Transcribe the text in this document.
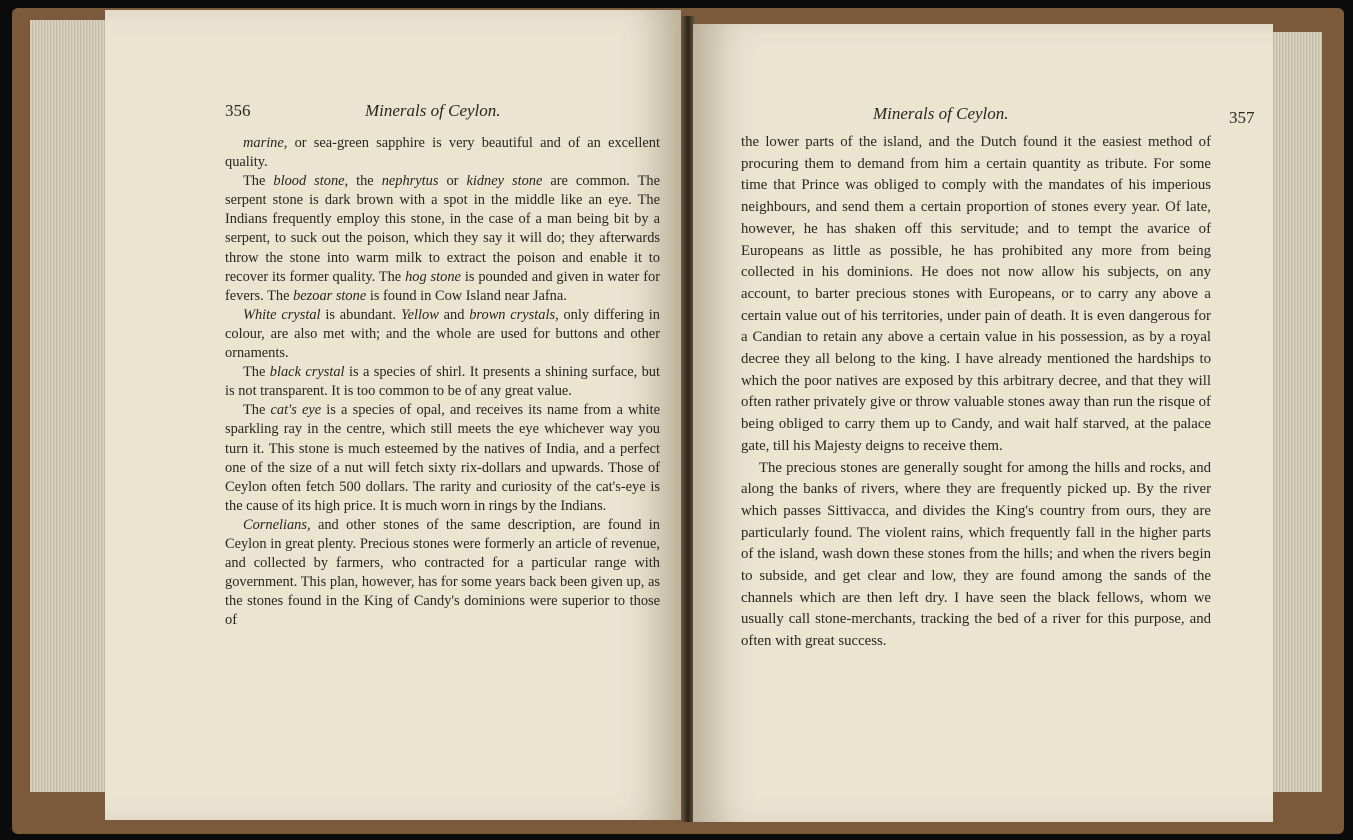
356	Minerals of Ceylon.

marine, or sea-green sapphire is very beautiful and of an excellent quality.

The blood stone, the nephrytus or kidney stone are common. The serpent stone is dark brown with a spot in the middle like an eye. The Indians frequently employ this stone, in the case of a man being bit by a serpent, to suck out the poison, which they say it will do; they afterwards throw the stone into warm milk to extract the poison and enable it to recover its former quality. The hog stone is pounded and given in water for fevers. The bezoar stone is found in Cow Island near Jafna.

White crystal is abundant. Yellow and brown crystals, only differing in colour, are also met with; and the whole are used for buttons and other ornaments.

The black crystal is a species of shirl. It presents a shining surface, but is not transparent. It is too common to be of any great value.

The cat's eye is a species of opal, and receives its name from a white sparkling ray in the centre, which still meets the eye whichever way you turn it. This stone is much esteemed by the natives of India, and a perfect one of the size of a nut will fetch sixty rix-dollars and upwards. Those of Ceylon often fetch 500 dollars. The rarity and curiosity of the cat's-eye is the cause of its high price. It is much worn in rings by the Indians.

Cornelians, and other stones of the same description, are found in Ceylon in great plenty. Precious stones were formerly an article of revenue, and collected by farmers, who contracted for a particular range with government. This plan, however, has for some years back been given up, as the stones found in the King of Candy's dominions were superior to those of

Minerals of Ceylon.	357

the lower parts of the island, and the Dutch found it the easiest method of procuring them to demand from him a certain quantity as tribute. For some time that Prince was obliged to comply with the mandates of his imperious neighbours, and send them a certain proportion of stones every year. Of late, however, he has shaken off this servitude; and to tempt the avarice of Europeans as little as possible, he has prohibited any more from being collected in his dominions. He does not now allow his subjects, on any account, to barter precious stones with Europeans, or to carry any above a certain value out of his territories, under pain of death. It is even dangerous for a Candian to retain any above a certain value in his possession, as by a royal decree they all belong to the king. I have already mentioned the hardships to which the poor natives are exposed by this arbitrary decree, and that they will often rather privately give or throw valuable stones away than run the risque of being obliged to carry them up to Candy, and wait half starved, at the palace gate, till his Majesty deigns to receive them.

The precious stones are generally sought for among the hills and rocks, and along the banks of rivers, where they are frequently picked up. By the river which passes Sittivacca, and divides the King's country from ours, they are particularly found. The violent rains, which frequently fall in the higher parts of the island, wash down these stones from the hills; and when the rivers begin to subside, and get clear and low, they are found among the sands of the channels which are then left dry. I have seen the black fellows, whom we usually call stone-merchants, tracking the bed of a river for this purpose, and often with great success.
